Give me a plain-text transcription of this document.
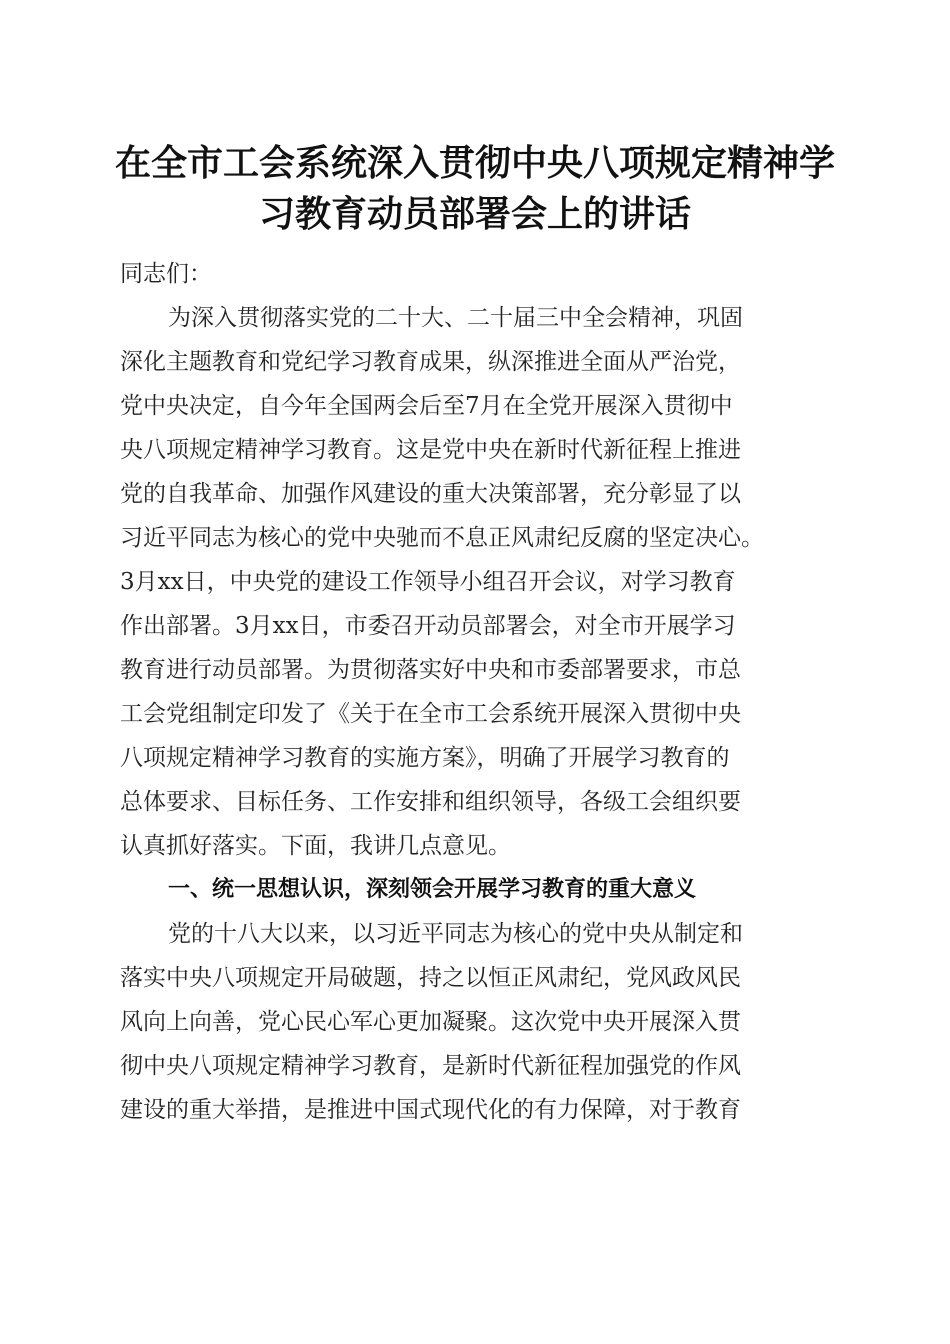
在全市工会系统深入贯彻中央八项规定精神学
习教育动员部署会上的讲话
同志们：
为深入贯彻落实党的二十大、二十届三中全会精神，巩固
深化主题教育和党纪学习教育成果，纵深推进全面从严治党，
党中央决定，自今年全国两会后至7月在全党开展深入贯彻中
央八项规定精神学习教育。这是党中央在新时代新征程上推进
党的自我革命、加强作风建设的重大决策部署，充分彰显了以
习近平同志为核心的党中央驰而不息正风肃纪反腐的坚定决心。
3月xx日，中央党的建设工作领导小组召开会议，对学习教育
作出部署。3月xx日，市委召开动员部署会，对全市开展学习
教育进行动员部署。为贯彻落实好中央和市委部署要求，市总
工会党组制定印发了《关于在全市工会系统开展深入贯彻中央
八项规定精神学习教育的实施方案》，明确了开展学习教育的
总体要求、目标任务、工作安排和组织领导，各级工会组织要
认真抓好落实。下面，我讲几点意见。
一、统一思想认识，深刻领会开展学习教育的重大意义
党的十八大以来，以习近平同志为核心的党中央从制定和
落实中央八项规定开局破题，持之以恒正风肃纪，党风政风民
风向上向善，党心民心军心更加凝聚。这次党中央开展深入贯
彻中央八项规定精神学习教育，是新时代新征程加强党的作风
建设的重大举措，是推进中国式现代化的有力保障，对于教育
